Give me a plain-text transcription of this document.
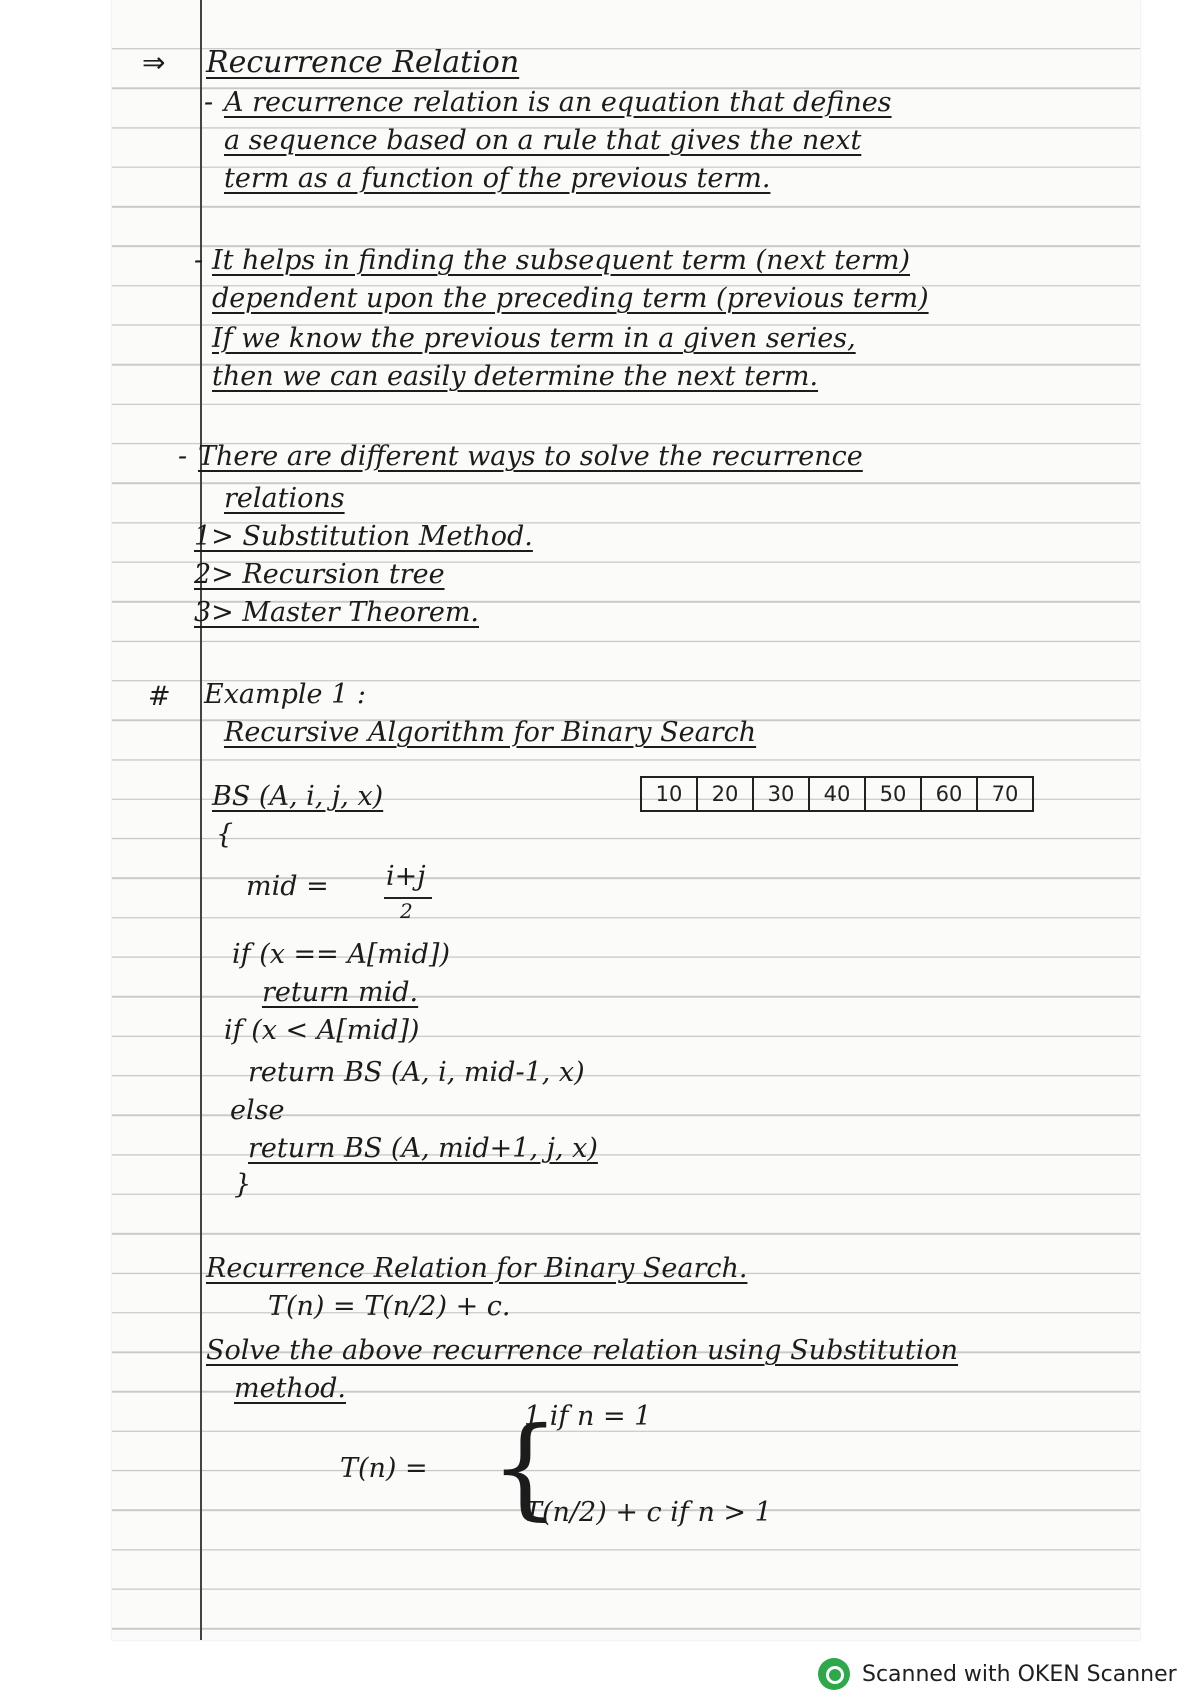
⇒ Recurrence Relation
- A recurrence relation is an equation that defines
a sequence based on a rule that gives the next
term as a function of the previous term.
- It helps in finding the subsequent term (next term)
dependent upon the preceding term (previous term)
If we know the previous term in a given series,
then we can easily determine the next term.
- There are different ways to solve the recurrence
relations
1> Substitution Method.
2> Recursion tree
3> Master Theorem.
# Example 1 :
Recursive Algorithm for Binary Search
BS (A, i, j, x)	10	20	30	40	50	60	70
{
mid = i+j
2
if (x == A[mid])
return mid.
if (x < A[mid])
return BS (A, i, mid-1, x)
else
return BS (A, mid+1, j, x)
}
Recurrence Relation for Binary Search.
T(n) = T(n/2) + c.
Solve the above recurrence relation using Substitution
method.
T(n) = {
1 if n = 1
T(n/2) + c if n > 1
Scanned with OKEN Scanner
